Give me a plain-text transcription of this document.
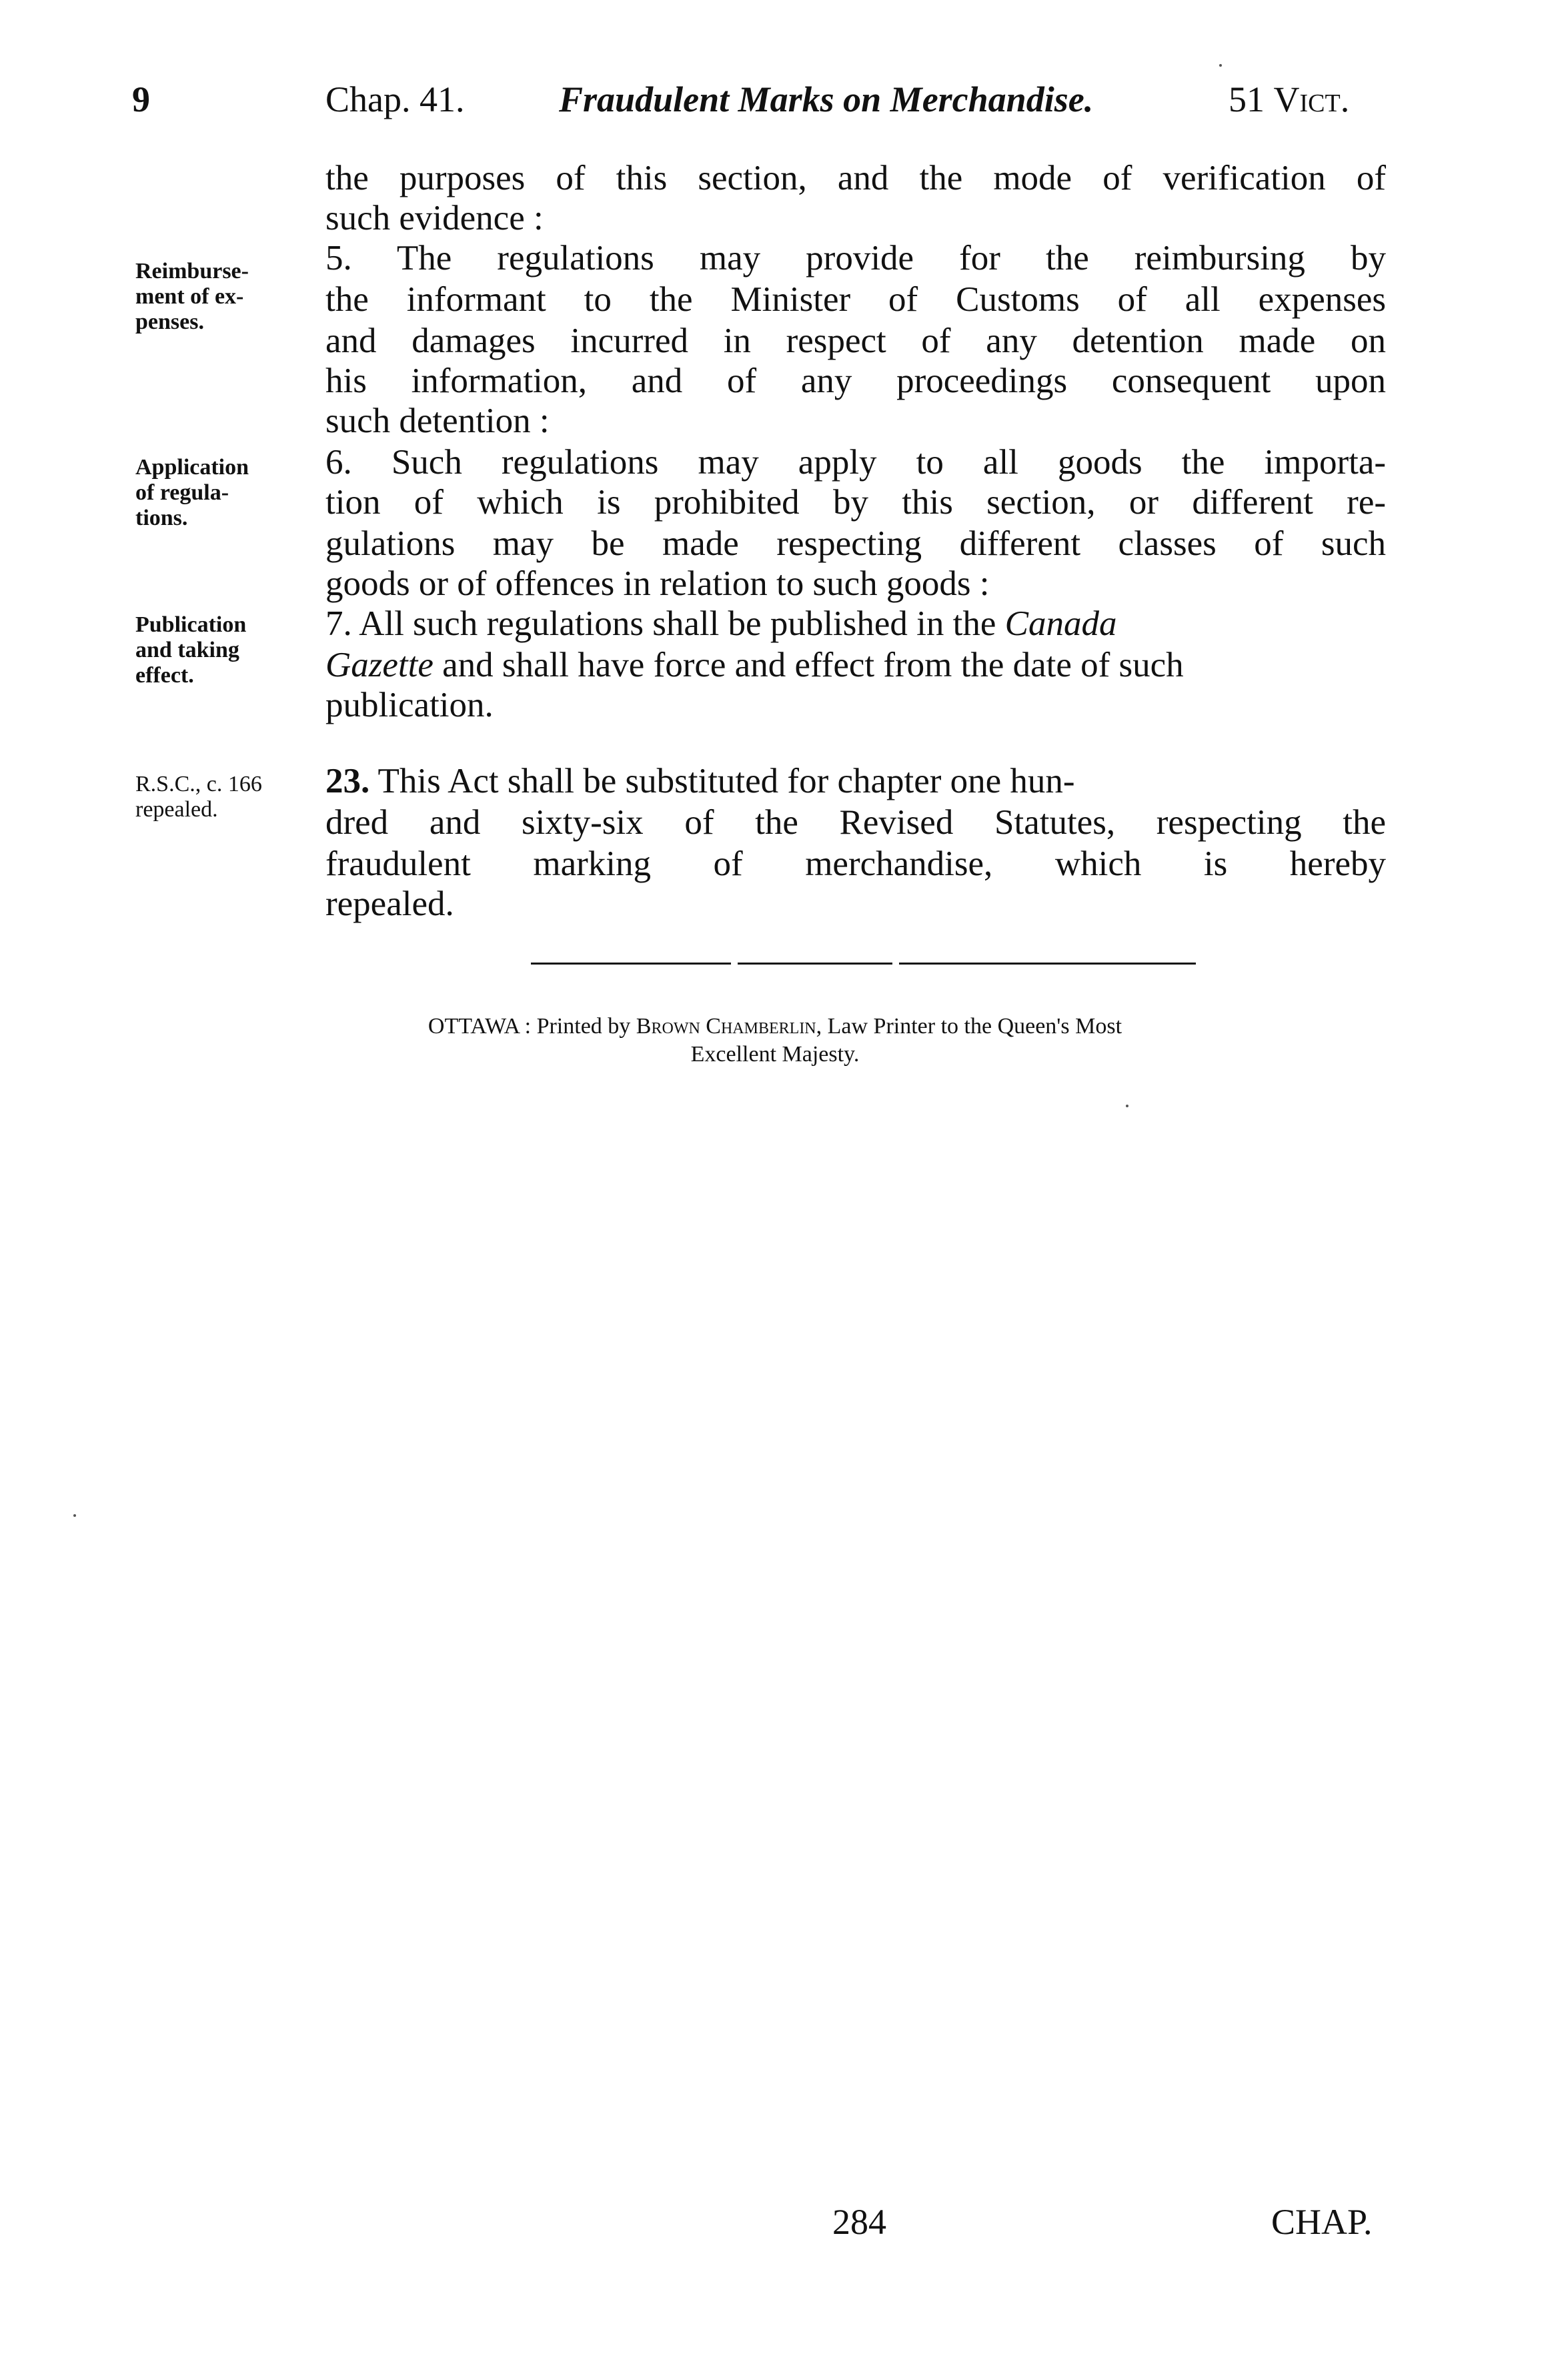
9	Chap. 41.	Fraudulent Marks on Merchandise.	51 Vict.
Reimburse-
ment of ex-
penses.
Application
of regula-
tions.
Publication
and taking
effect.
R.S.C., c. 166
repealed.
the purposes of this section, and the mode of verification of
such evidence :
5. The regulations may provide for the reimbursing by
the informant to the Minister of Customs of all expenses
and damages incurred in respect of any detention made on
his information, and of any proceedings consequent upon
such detention :
6. Such regulations may apply to all goods the importa-
tion of which is prohibited by this section, or different re-
gulations may be made respecting different classes of such
goods or of offences in relation to such goods :
7. All such regulations shall be published in the Canada
Gazette and shall have force and effect from the date of such
publication.
23. This Act shall be substituted for chapter one hun-
dred and sixty-six of the Revised Statutes, respecting the
fraudulent marking of merchandise, which is hereby
repealed.
OTTAWA : Printed by Brown Chamberlin, Law Printer to the Queen's Most
Excellent Majesty.
284	CHAP.
